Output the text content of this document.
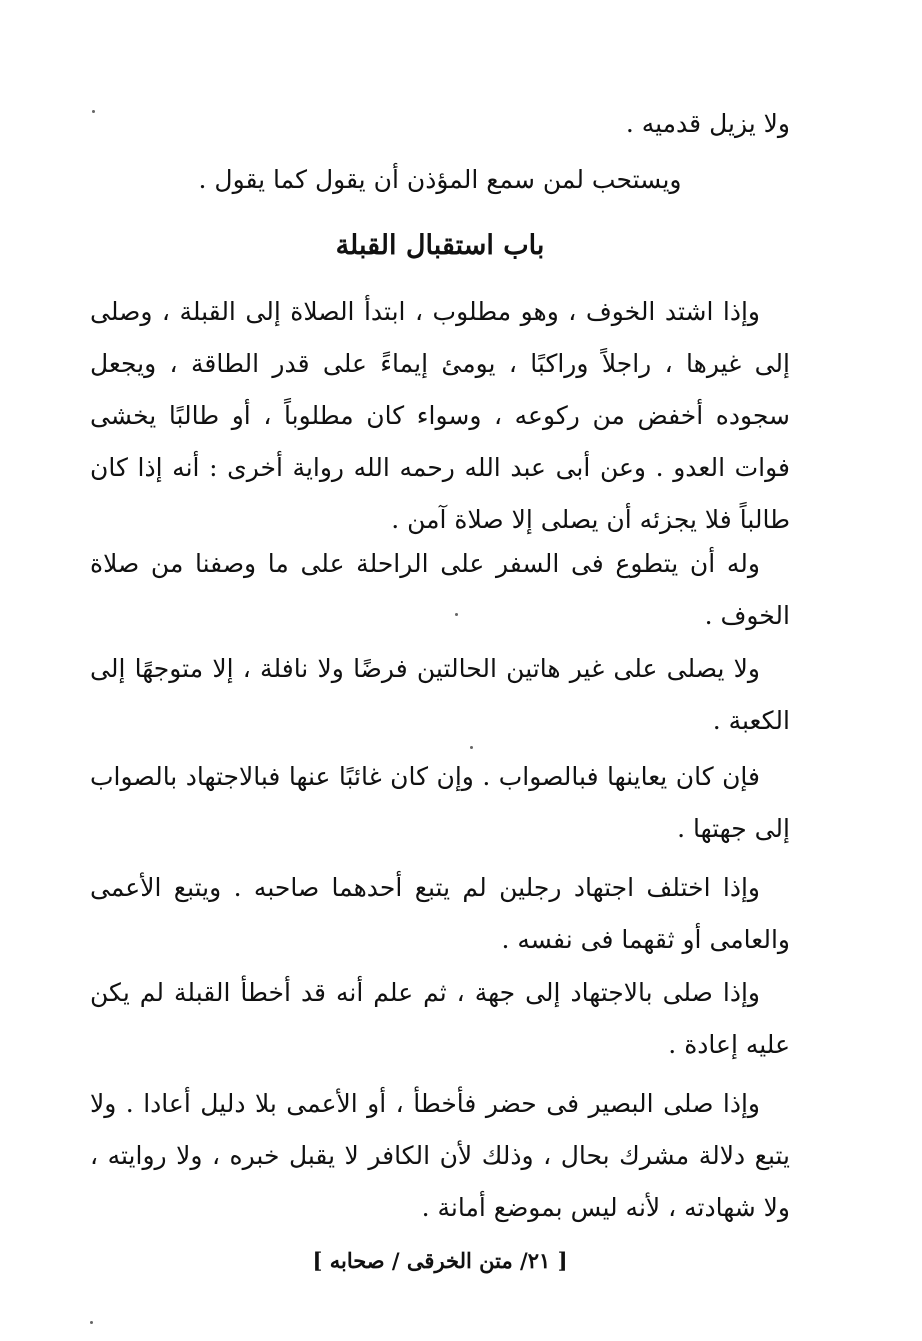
ولا يزيل قدميه .

ويستحب لمن سمع المؤذن أن يقول كما يقول .

باب استقبال القبلة

وإذا اشتد الخوف ، وهو مطلوب ، ابتدأ الصلاة إلى القبلة ، وصلى إلى غيرها ، راجلاً وراكبًا ، يومئ إيماءً على قدر الطاقة ، ويجعل سجوده أخفض من ركوعه ، وسواء كان مطلوباً ، أو طالبًا يخشى فوات العدو . وعن أبى عبد الله رحمه الله رواية أخرى : أنه إذا كان طالباً فلا يجزئه أن يصلى إلا صلاة آمن .

وله أن يتطوع فى السفر على الراحلة على ما وصفنا من صلاة الخوف .

ولا يصلى على غير هاتين الحالتين فرضًا ولا نافلة ، إلا متوجهًا إلى الكعبة .

فإن كان يعاينها فبالصواب . وإن كان غائبًا عنها فبالاجتهاد بالصواب إلى جهتها .

وإذا اختلف اجتهاد رجلين لم يتبع أحدهما صاحبه . ويتبع الأعمى والعامى أو ثقهما فى نفسه .

وإذا صلى بالاجتهاد إلى جهة ، ثم علم أنه قد أخطأ القبلة لم يكن عليه إعادة .

وإذا صلى البصير فى حضر فأخطأ ، أو الأعمى بلا دليل أعادا . ولا يتبع دلالة مشرك بحال ، وذلك لأن الكافر لا يقبل خبره ، ولا روايته ، ولا شهادته ، لأنه ليس بموضع أمانة .

[ ٢١/ متن الخرقى / صحابه ]
